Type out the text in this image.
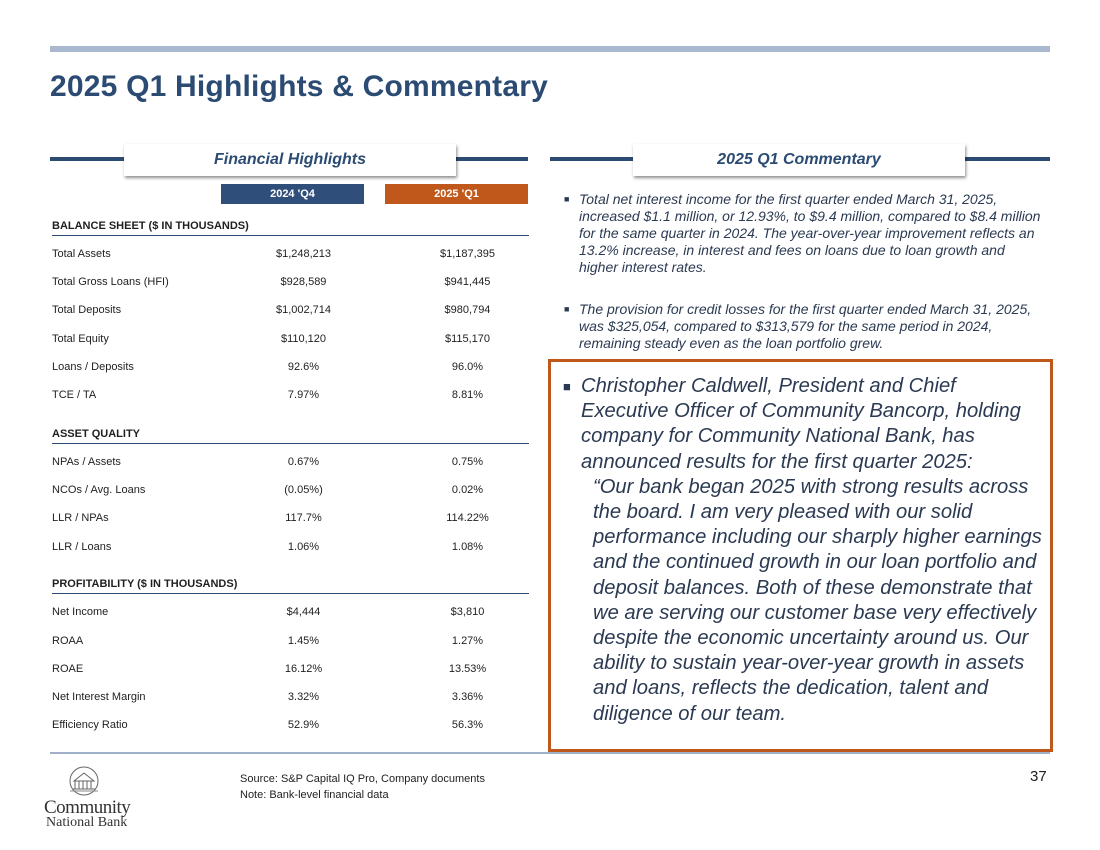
2025 Q1 Highlights & Commentary
Financial Highlights	2025 Q1 Commentary
2024 'Q4	2025 'Q1
BALANCE SHEET ($ IN THOUSANDS)
Total Assets	$1,248,213	$1,187,395
Total Gross Loans (HFI)	$928,589	$941,445
Total Deposits	$1,002,714	$980,794
Total Equity	$110,120	$115,170
Loans / Deposits	92.6%	96.0%
TCE / TA	7.97%	8.81%
ASSET QUALITY
NPAs / Assets	0.67%	0.75%
NCOs / Avg. Loans	(0.05%)	0.02%
LLR / NPAs	117.7%	114.22%
LLR / Loans	1.06%	1.08%
PROFITABILITY ($ IN THOUSANDS)
Net Income	$4,444	$3,810
ROAA	1.45%	1.27%
ROAE	16.12%	13.53%
Net Interest Margin	3.32%	3.36%
Efficiency Ratio	52.9%	56.3%
■ Total net interest income for the first quarter ended March 31, 2025, increased $1.1 million, or 12.93%, to $9.4 million, compared to $8.4 million for the same quarter in 2024. The year-over-year improvement reflects an 13.2% increase, in interest and fees on loans due to loan growth and higher interest rates.
■ The provision for credit losses for the first quarter ended March 31, 2025, was $325,054, compared to $313,579 for the same period in 2024, remaining steady even as the loan portfolio grew.
■ Christopher Caldwell, President and Chief Executive Officer of Community Bancorp, holding company for Community National Bank, has announced results for the first quarter 2025:
“Our bank began 2025 with strong results across the board. I am very pleased with our solid performance including our sharply higher earnings and the continued growth in our loan portfolio and deposit balances. Both of these demonstrate that we are serving our customer base very effectively despite the economic uncertainty around us. Our ability to sustain year-over-year growth in assets and loans, reflects the dedication, talent and diligence of our team.
Community
National Bank
Source: S&P Capital IQ Pro, Company documents
Note: Bank-level financial data
37
